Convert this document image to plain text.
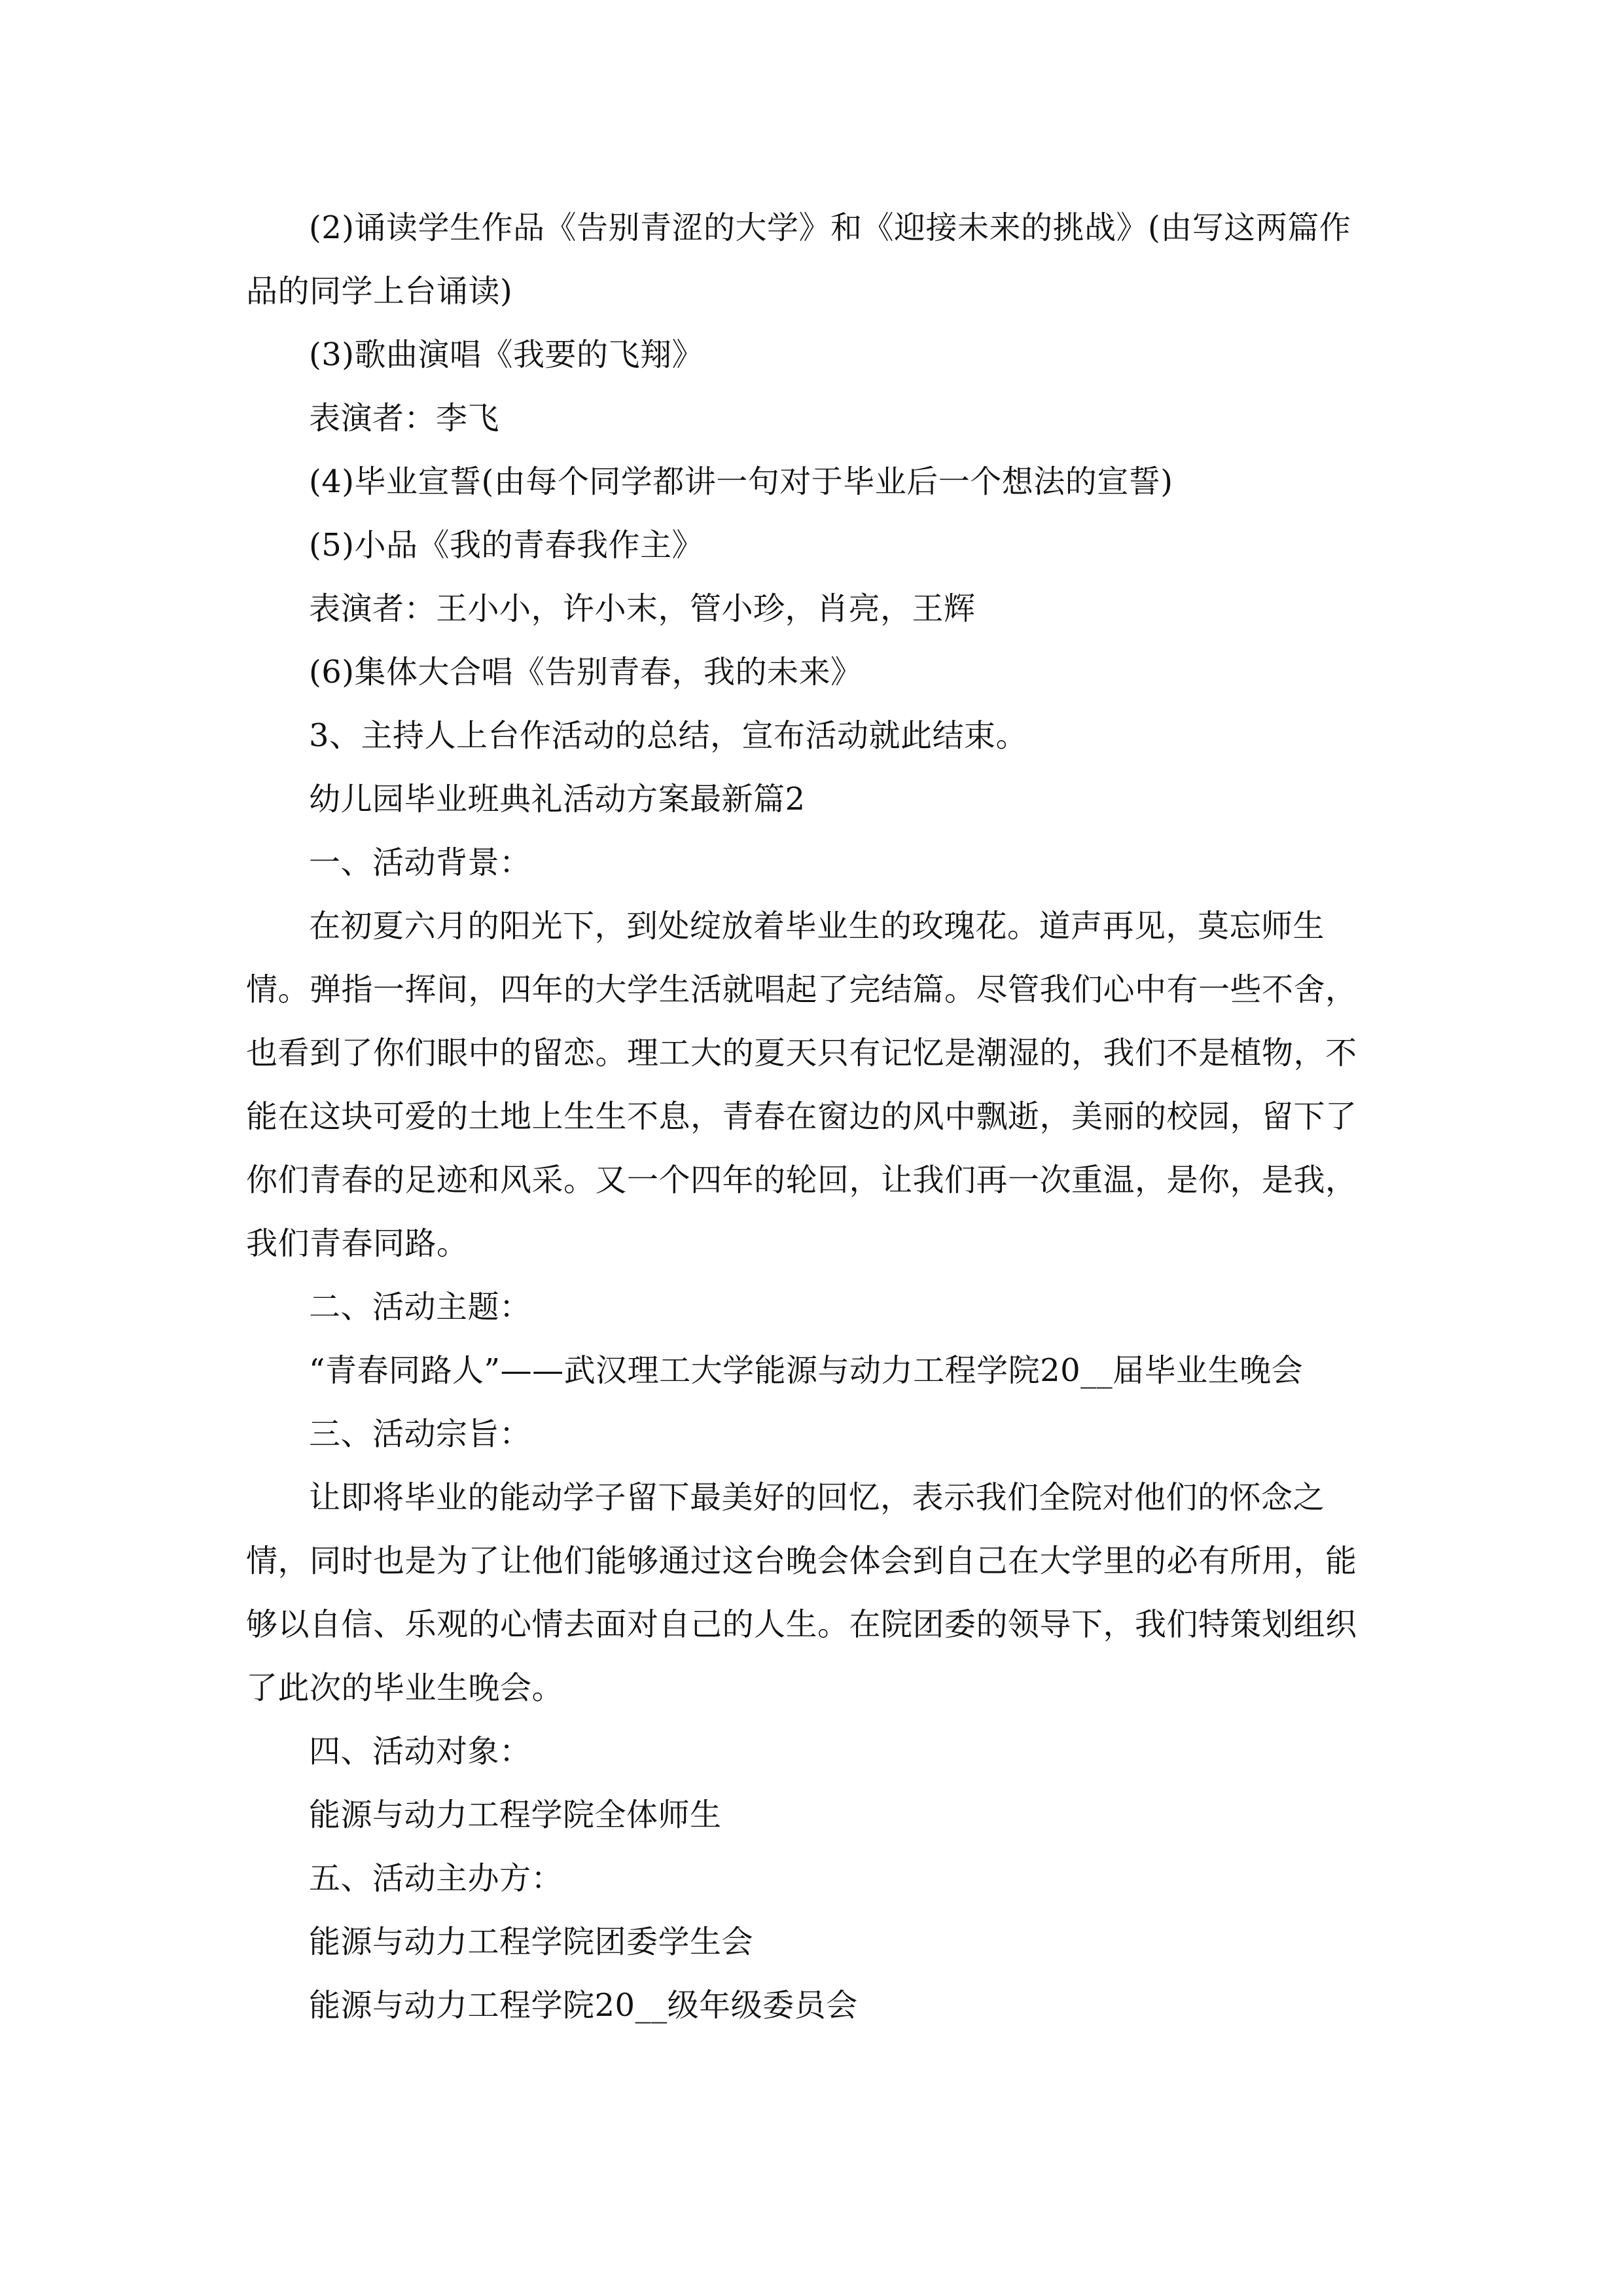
(2)诵读学生作品《告别青涩的大学》和《迎接未来的挑战》(由写这两篇作品的同学上台诵读)

(3)歌曲演唱《我要的飞翔》

表演者：李飞

(4)毕业宣誓(由每个同学都讲一句对于毕业后一个想法的宣誓)

(5)小品《我的青春我作主》

表演者：王小小，许小末，管小珍，肖亮，王辉

(6)集体大合唱《告别青春，我的未来》

3、主持人上台作活动的总结，宣布活动就此结束。

幼儿园毕业班典礼活动方案最新篇2

一、活动背景：

在初夏六月的阳光下，到处绽放着毕业生的玫瑰花。道声再见，莫忘师生情。弹指一挥间，四年的大学生活就唱起了完结篇。尽管我们心中有一些不舍，也看到了你们眼中的留恋。理工大的夏天只有记忆是潮湿的，我们不是植物，不能在这块可爱的土地上生生不息，青春在窗边的风中飘逝，美丽的校园，留下了你们青春的足迹和风采。又一个四年的轮回，让我们再一次重温，是你，是我，我们青春同路。

二、活动主题：

“青春同路人”——武汉理工大学能源与动力工程学院20__届毕业生晚会

三、活动宗旨：

让即将毕业的能动学子留下最美好的回忆，表示我们全院对他们的怀念之情，同时也是为了让他们能够通过这台晚会体会到自己在大学里的必有所用，能够以自信、乐观的心情去面对自己的人生。在院团委的领导下，我们特策划组织了此次的毕业生晚会。

四、活动对象：

能源与动力工程学院全体师生

五、活动主办方：

能源与动力工程学院团委学生会

能源与动力工程学院20__级年级委员会
